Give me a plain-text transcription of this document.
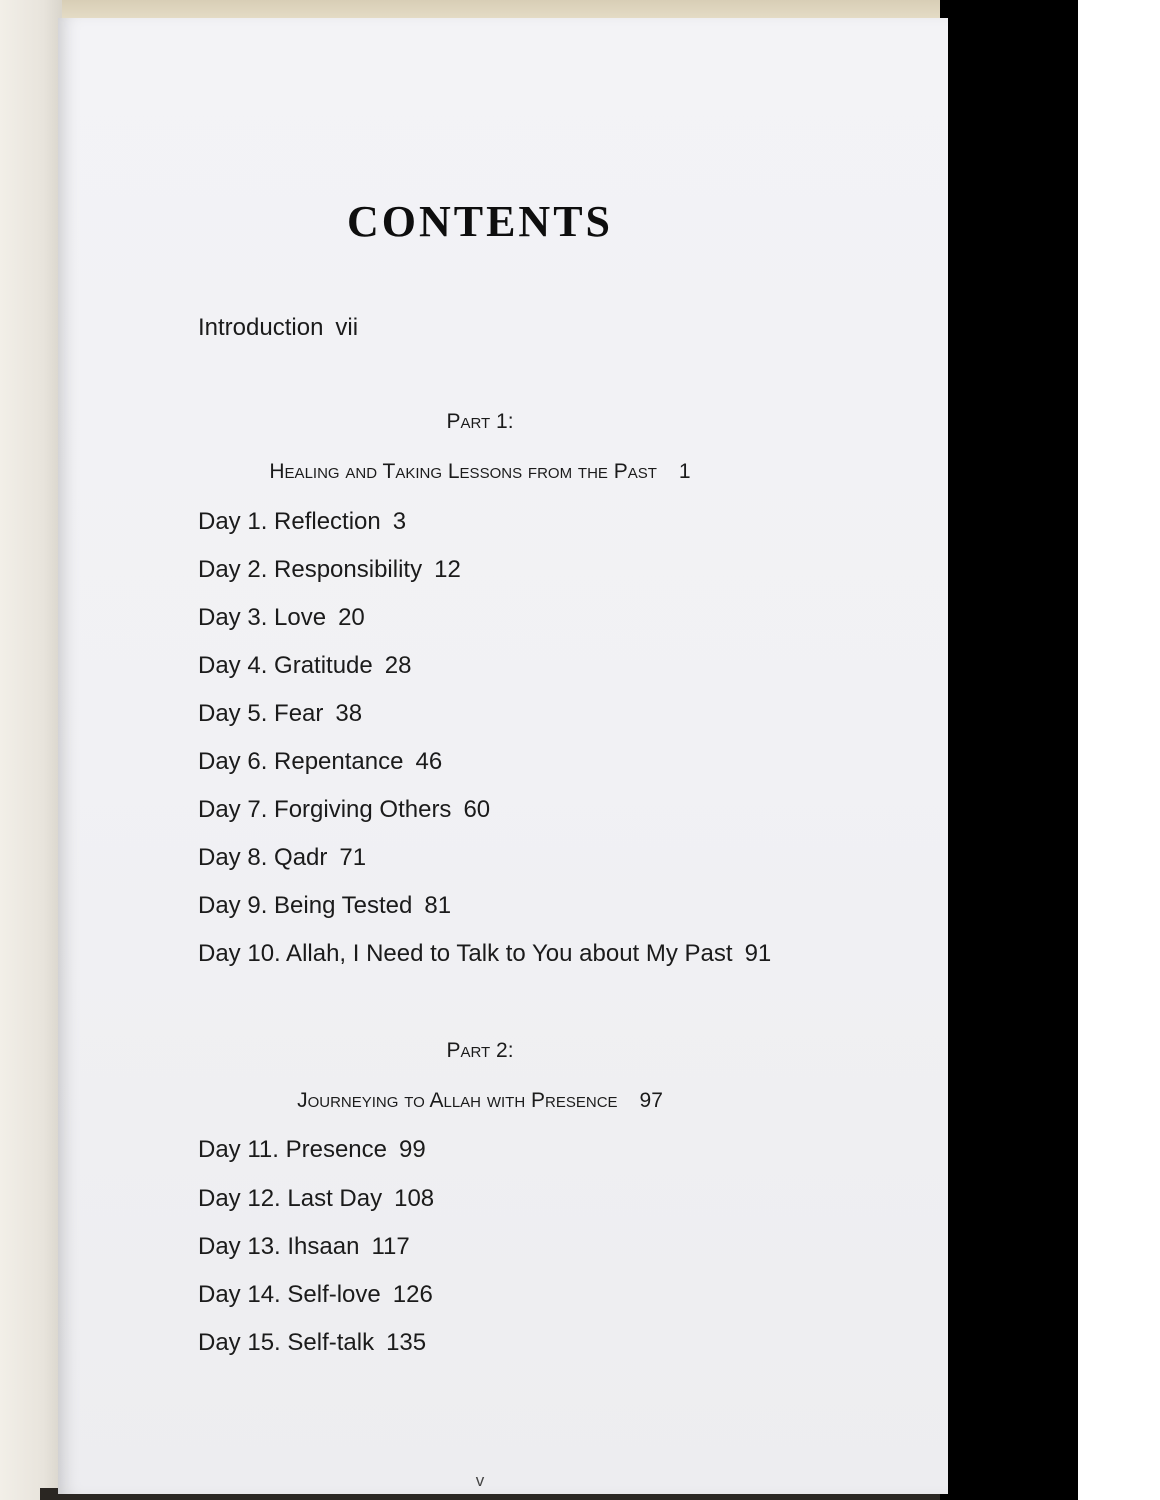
CONTENTS
Introduction vii
Part 1:
Healing and Taking Lessons from the Past 1
Day 1. Reflection 3
Day 2. Responsibility 12
Day 3. Love 20
Day 4. Gratitude 28
Day 5. Fear 38
Day 6. Repentance 46
Day 7. Forgiving Others 60
Day 8. Qadr 71
Day 9. Being Tested 81
Day 10. Allah, I Need to Talk to You about My Past 91
Part 2:
Journeying to Allah with Presence 97
Day 11. Presence 99
Day 12. Last Day 108
Day 13. Ihsaan 117
Day 14. Self-love 126
Day 15. Self-talk 135
v
